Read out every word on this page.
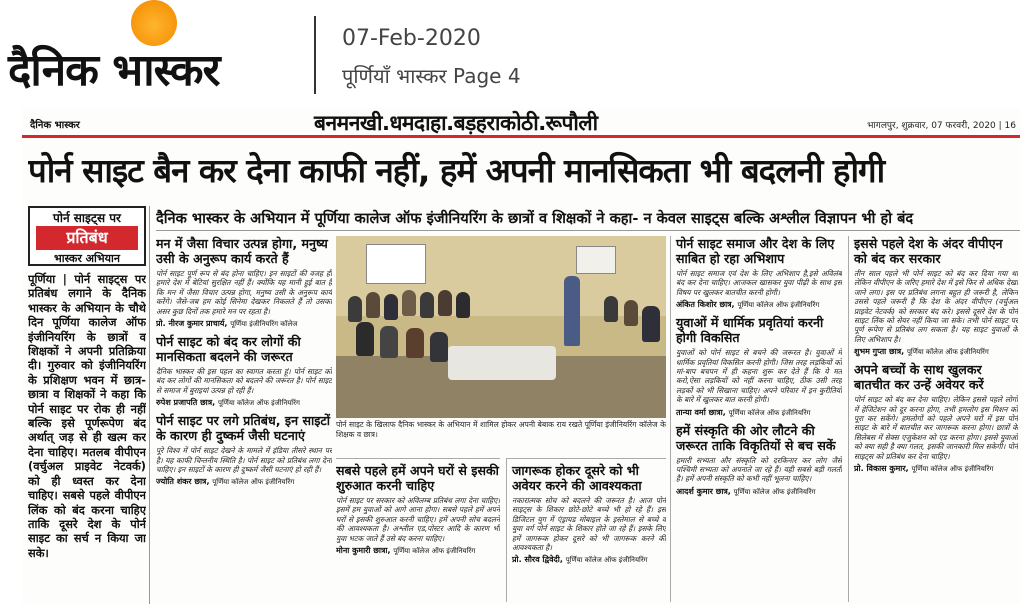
दैनिक भास्कर
07-Feb-2020
पूर्णियाँ भास्कर Page 4
दैनिक भास्कर	बनमनखी.धमदाहा.बड़हराकोठी.रूपौली	भागलपुर, शुक्रवार, 07 फरवरी, 2020 | 16
पोर्न साइट बैन कर देना काफी नहीं, हमें अपनी मानसिकता भी बदलनी होगी
पोर्न साइट्स पर
प्रतिबंध
भास्कर अभियान
पूर्णिया | पोर्न साइट्स पर प्रतिबंध लगाने के दैनिक भास्कर के अभियान के चौथे दिन पूर्णिया कालेज ऑफ इंजीनियरिंग के छात्रों व शिक्षकों ने अपनी प्रतिक्रिया दी। गुरुवार को इंजीनियरिंग के प्रशिक्षण भवन में छात्र-छात्रा व शिक्षकों ने कहा कि पोर्न साइट पर रोक ही नहीं बल्कि इसे पूर्णरूपेण बंद अर्थात् जड़ से ही खत्म कर देना चाहिए। मतलब वीपीएन (वर्चुअल प्राइवेट नेटवर्क) को ही ध्वस्त कर देना चाहिए। सबसे पहले वीपीएन लिंक को बंद करना चाहिए ताकि दूसरे देश के पोर्न साइट का सर्च न किया जा सके।
दैनिक भास्कर के अभियान में पूर्णिया कालेज ऑफ इंजीनियरिंग के छात्रों व शिक्षकों ने कहा- न केवल साइट्स बल्कि अश्लील विज्ञापन भी हो बंद
मन में जैसा विचार उत्पन्न होगा, मनुष्य उसी के अनुरूप कार्य करते हैं
पोर्न साइट पूर्ण रूप से बंद होना चाहिए। इन साइटों की वजह ही हमारे देश में बेटियां सुरक्षित नहीं हैं। क्योंकि यह मानी हुई बात है कि मन में जैसा विचार उत्पन्न होगा, मनुष्य उसी के अनुरूप कार्य करेंगे। जैसे-जब हम कोई सिनेमा देखकर निकलते हैं तो उसका असर कुछ दिनों तक हमारे मन पर रहता है।
प्रो. नीरज कुमार प्राचार्य, पूर्णिया इंजीनियरिंग कॉलेज
पोर्न साइट को बंद कर लोगों की मानसिकता बदलने की जरूरत
दैनिक भास्कर की इस पहल का स्वागत करता हूं। पोर्न साइट को बंद कर लोगों की मानसिकता को बदलने की जरूरत है। पोर्न साइट से समाज में बुराइयां उत्पन्न हो रही हैं।
रुपेश प्रजापति छात्र, पूर्णिया कॉलेज ऑफ इंजीनियरिंग
पोर्न साइट पर लगे प्रतिबंध, इन साइटों के कारण ही दुष्कर्म जैसी घटनाएं
पूरे विश्व में पोर्न साइट देखने के मामले में इंडिया तीसरे स्थान पर है। यह काफी चिन्तनीय स्थिति है। पोर्न साइट को प्रतिबंध लगा देना चाहिए। इन साइटों के कारण ही दुष्कर्म जैसी घटनाएं हो रही हैं।
ज्योति शंकर छात्र, पूर्णिया कॉलेज ऑफ इंजीनियरिंग
पोर्न साइट के खिलाफ दैनिक भास्कर के अभियान में शामिल होकर अपनी बेबाक राय रखते पूर्णिया इंजीनियरिंग कॉलेज के शिक्षक व छात्र।
सबसे पहले हमें अपने घरों से इसकी शुरुआत करनी चाहिए
पोर्न साइट पर सरकार को अविलम्ब प्रतिबंध लगा देना चाहिए। इसमें हम युवाओं को आगे आना होगा। सबसे पहले हमें अपने घरों से इसकी शुरुआत करनी चाहिए। हमें अपनी सोच बदलने की आवश्यकता है। अश्लील एड,पोस्टर आदि के कारण भी युवा भटक जाते हैं उसे बंद करना चाहिए।
मोना कुमारी छात्रा, पूर्णिया कॉलेज ऑफ इंजीनियरिंग
जागरूक होकर दूसरे को भी अवेयर करने की आवश्यकता
नकारात्मक सोच को बदलने की जरूरत है। आज पोर्न साइट्स के शिकार छोटे-छोटे बच्चे भी हो रहे हैं। इस डिजिटल युग में एंड्रायड मोबाइल के इस्तेमाल से बच्चे व युवा वर्ग पोर्न साइट के शिकार होते जा रहे हैं। इसके लिए हमें जागरूक होकर दूसरे को भी जागरूक करने की आवश्यकता है।
प्रो. सौरव द्विवेदी, पूर्णिया कॉलेज ऑफ इंजीनियरिंग
पोर्न साइट समाज और देश के लिए साबित हो रहा अभिशाप
पोर्न साइट समाज एवं देश के लिए अभिशाप है,इसे अविलंब बंद कर देना चाहिए। आजकल खासकर युवा पीढ़ी के साथ इस विषय पर खुलकर बातचीत करनी होगी।
अंकित किशोर छात्र, पूर्णिया कॉलेज ऑफ इंजीनियरिंग
युवाओं में धार्मिक प्रवृतियां करनी होगी विकसित
युवाओं को पोर्न साइट से बचने की जरूरत है। युवाओं में धार्मिक प्रवृतियां विकसित करनी होगी। जिस तरह लड़कियों को मां-बाप बचपन में ही कहना शुरू कर देते हैं कि ये मत करो,ऐसा लड़कियों को नहीं करना चाहिए, ठीक उसी तरह लड़कों को भी सिखाना चाहिए। अपने परिवार में इन कुरीतियों के बारे में खुलकर बात करनी होगी।
तान्या वर्मा छात्रा, पूर्णिया कॉलेज ऑफ इंजीनियरिंग
हमें संस्कृति की ओर लौटने की जरूरत ताकि विकृतियों से बच सकें
हमारी सभ्यता और संस्कृति को दरकिनार कर लोग जैसे पश्चिमी सभ्यता को अपनाते जा रहे हैं। यही सबसे बड़ी गलती है। हमें अपनी संस्कृति को कभी नहीं भूलना चाहिए।
आदर्श कुमार छात्र, पूर्णिया कॉलेज ऑफ इंजीनियरिंग
इससे पहले देश के अंदर वीपीएन को बंद कर सरकार
तीन साल पहले भी पोर्न साइट को बंद कर दिया गया था लेकिन वीपीएन के जरिए हमारे देश में इसे फिर से अधिक देखा जाने लगा। इस पर प्रतिबंध लगना बहुत ही जरूरी है, लेकिन उससे पहले जरूरी है कि देश के अंदर वीपीएन (वर्चुअल प्राइवेट नेटवर्क) को सरकार बंद करे। इससे दूसरे देश के पोर्न साइट लिंक को सेयर नहीं किया जा सके। तभी पोर्न साइट पर पूर्ण रूपेण से प्रतिबंध लग सकता है। यह साइट युवाओं के लिए अभिशाप है।
शुभम गुप्ता छात्र, पूर्णिया कॉलेज ऑफ इंजीनियरिंग
अपने बच्चों के साथ खुलकर बातचीत कर उन्हें अवेयर करें
पोर्न साइट को बंद कर देना चाहिए। लेकिन इससे पहले लोगों में हेजिटेशन को दूर करना होगा, तभी हमलोग इस मिशन को पूरा कर सकेंगे। हमलोगों को पहले अपने घरों में इस पोर्न साइट के बारे में बातचीत कर जागरूक करना होगा। छात्रों के सिलेबस में सेक्स एजुकेशन को एड करना होगा। इससे युवाओं को क्या सही है क्या गलत, इसकी जानकारी मिल सकेगी। पोर्न साइट्स को प्रतिबंध कर देना चाहिए।
प्रो. विकास कुमार, पूर्णिया कॉलेज ऑफ इंजीनियरिंग
